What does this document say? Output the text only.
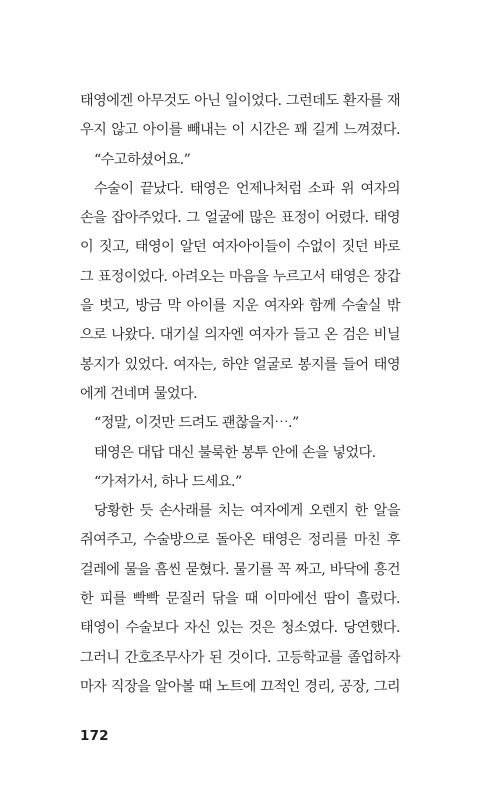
태영에겐 아무것도 아닌 일이었다. 그런데도 환자를 재
우지 않고 아이를 빼내는 이 시간은 꽤 길게 느껴졌다.
“수고하셨어요.”
수술이 끝났다. 태영은 언제나처럼 소파 위 여자의
손을 잡아주었다. 그 얼굴에 많은 표정이 어렸다. 태영
이 짓고, 태영이 알던 여자아이들이 수없이 짓던 바로
그 표정이었다. 아려오는 마음을 누르고서 태영은 장갑
을 벗고, 방금 막 아이를 지운 여자와 함께 수술실 밖
으로 나왔다. 대기실 의자엔 여자가 들고 온 검은 비닐
봉지가 있었다. 여자는, 하얀 얼굴로 봉지를 들어 태영
에게 건네며 물었다.
“정말, 이것만 드려도 괜찮을지⋯.”
태영은 대답 대신 불룩한 봉투 안에 손을 넣었다.
“가져가서, 하나 드세요.”
당황한 듯 손사래를 치는 여자에게 오렌지 한 알을
쥐여주고, 수술방으로 돌아온 태영은 정리를 마친 후
걸레에 물을 흠씬 묻혔다. 물기를 꼭 짜고, 바닥에 흥건
한 피를 빡빡 문질러 닦을 때 이마에선 땀이 흘렀다.
태영이 수술보다 자신 있는 것은 청소였다. 당연했다.
그러니 간호조무사가 된 것이다. 고등학교를 졸업하자
마자 직장을 알아볼 때 노트에 끄적인 경리, 공장, 그리
172
